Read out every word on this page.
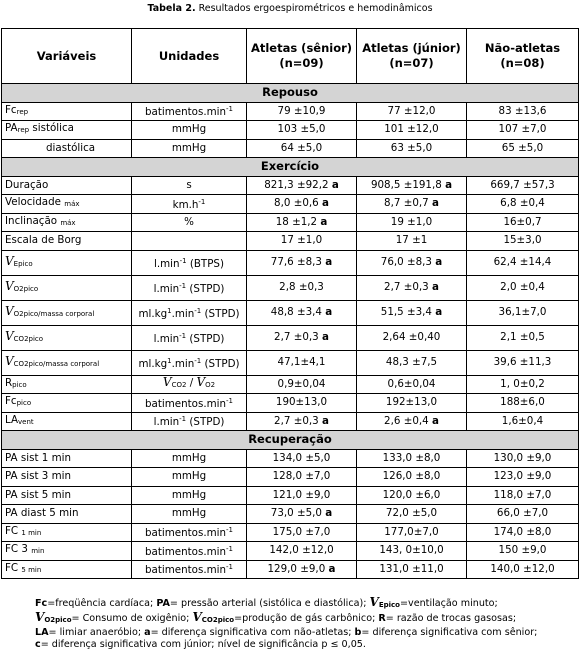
Tabela 2. Resultados ergoespirométricos e hemodinâmicos
Variáveis	Unidades	Atletas (sênior) (n=09)	Atletas (júnior) (n=07)	Não-atletas (n=08)
Repouso				
$Fc_{rep}$	$batimentos.\min^{-1}$	79 ±10,9	77 ±12,0	83 ±13,6
$PA_{rep}$ sistólica	mmHg	103 ±5,0	101 ±12,0	107 ±7,0
diastólica	mmHg	64 ±5,0	63 ±5,0	65 ±5,0
Exercício				
Duração	s	821,3 ±92,2 a	908,5 ±191,8 a	669,7 ±57,3
Velocidade $_{máx}$	$km.h^{-1}$	8,0 ±0,6 a	8,7 ±0,7 a	6,8 ±0,4
Inclinação $_{máx}$	%	18 ±1,2 a	19 ±1,0	16±0,7
Escala de Borg		17 ±1,0	17 ±1	15±3,0
$V_{Epico}$	$l.\min^{-1}$ (BTPS)	77,6 ±8,3 a	76,0 ±8,3 a	62,4 ±14,4
$V_{O2pico}$	$l.\min^{-1}$ (STPD)	2,8 ±0,3	2,7 ±0,3 a	2,0 ±0,4
$V_{O2pico/massa corporal}$	$ml.kg^1.\min^{-1}$ (STPD)	48,8 ±3,4 a	51,5 ±3,4 a	36,1±7,0
$V_{CO2pico}$	$l.\min^{-1}$ (STPD)	2,7 ±0,3 a	2,64 ±0,40	2,1 ±0,5
$V_{CO2pico/massa corporal}$	$ml.kg^1.\min^{-1}$ (STPD)	47,1±4,1	48,3 ±7,5	39,6 ±11,3
$R_{pico}$	$V_{CO2} / V_{O2}$	0,9±0,04	0,6±0,04	1, 0±0,2
$Fc_{pico}$	$batimentos.\min^{-1}$	190±13,0	192±13,0	188±6,0
$LA_{vent}$	$l.\min^{-1}$ (STPD)	2,7 ±0,3 a	2,6 ±0,4 a	1,6±0,4
Recuperação				
PA sist 1 min	mmHg	134,0 ±5,0	133,0 ±8,0	130,0 ±9,0
PA sist 3 min	mmHg	128,0 ±7,0	126,0 ±8,0	123,0 ±9,0
PA sist 5 min	mmHg	121,0 ±9,0	120,0 ±6,0	118,0 ±7,0
PA diast 5 min	mmHg	73,0 ±5,0 a	72,0 ±5,0	66,0 ±7,0
FC $_{1 min}$	$batimentos.\min^{-1}$	175,0 ±7,0	177,0±7,0	174,0 ±8,0
FC 3 $_{min}$	$batimentos.\min^{-1}$	142,0 ±12,0	143, 0±10,0	150 ±9,0
FC $_{5 min}$	$batimentos.\min^{-1}$	129,0 ±9,0 a	131,0 ±11,0	140,0 ±12,0
Fc=freqüência cardíaca; PA= pressão arterial (sistólica e diastólica); $V_{Epico}=ventilação$ minuto;
$V_{O2pico}=$ Consumo de oxigênio; $V_{CO2pico}=produção$ de gás carbônico; R= razão de trocas gasosas;
LA= limiar anaeróbio; a= diferença significativa com não-atletas; b= diferença significativa com sênior;
c= diferença significativa com júnior; nível de significância p ≤ 0,05.
